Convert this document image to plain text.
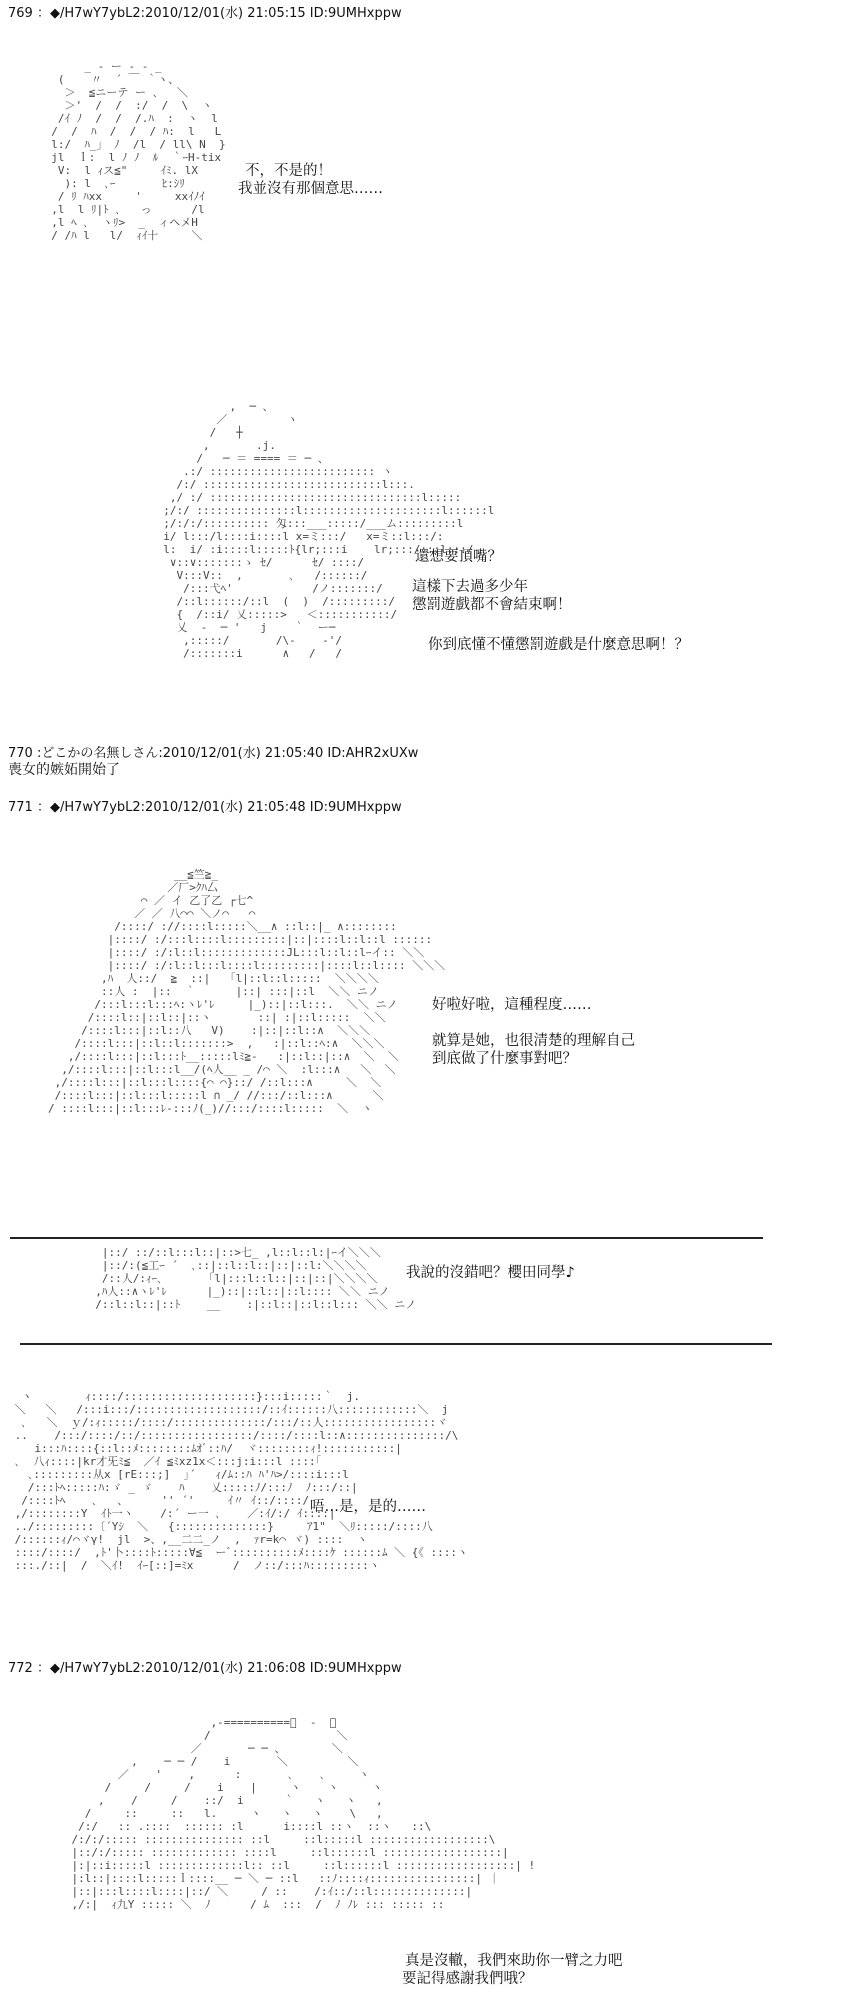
769 ：◆/H7wY7ybL2:2010/12/01(水) 21:05:15 ID:9UMHxppw
_ ‐ ー ‐ ‐ _
(    〃  ´ ￣ ｀ヽ、
＞  ≦ニーテ ー 、  ＼
＞'  /  /  :/  /  \  ヽ
/ｲ ﾉ  /  /  /.ﾊ  :  ヽ  l
/  /  ﾊ  /  /  / ﾊ:  l   L
l:/  ﾊ_」 ﾉ  /l  / ll\ N  }
jl  ｌ:  l ﾉ ﾉ  ﾙ  ｀ｰH-tix
V:  l ｨス≦"     ｲﾐ. lX
): l  ､ｰ       ﾋ:ｼﾘ
/ ﾘ ﾊxx     '     xxｲﾉｲ
,l  l ﾘ|ﾄ ､   っ      /l
,l ﾍ ､  ヽﾘ>  _  ィヘメH
/ /ﾊ l   l/  ｨｲ十     ＼
不，不是的！
我並沒有那個意思……
,  ─ 、
／         ヽ
/   ┼
,       .j.
/   ─ ＝ ==== ＝ ─ 、
.:/ ::::::::::::::::::::::::: ヽ
/:/ :::::::::::::::::::::::::::l:::.
,/ :/ ::::::::::::::::::::::::::::::::l:::::
;/:/ :::::::::::::::l:::::::::::::::::::::l::::::l
;/:/:/:::::::::: 匁:::___:::::/___ム:::::::::l
i/ l:::/l::::i::::l x=ミ:::/   x=ミ::l:::/:
l:  i/ :i::::l:::::ﾄ{lr;:::i    lr;:::/:::l:::/
∨::∨:::::::ゝ ｾ/      ｾ/ ::::/
V:::V::  ,       ､   /::::::/
/:::弋ﾍ'            /ノ:::::::/
/::l::::::/::l  (  )  /:::::::::/
{  /::i/ 乂:::::>   ＜:::::::::::/
乂  -  ─ '   j    ｀  ー─
,:::::/       /\-    -'/
/:::::::i      ∧   /   /
還想要頂嘴？
這樣下去過多少年
懲罰遊戲都不會結束啊！
你到底懂不懂懲罰遊戲是什麼意思啊！？
770 :どこかの名無しさん:2010/12/01(水) 21:05:40 ID:AHR2xUXw
喪女的嫉妬開始了
771 ：◆/H7wY7ybL2:2010/12/01(水) 21:05:48 ID:9UMHxppw
__≦竺≧_
／厂>ｸﾊ厶
⌒ ／ イ 乙了乙 ┌七^
／ ／ 八⌒⌒ ＼ノ⌒   ⌒
/::::/ ://::::l:::::＼__∧ ::l::|_ ∧::::::::
|::::/ :/:::l::::l:::::::::|::|::::l::l::l ::::::
|::::/ :/:l::l:::::::::::::JL:::l::l::lｰイ:: ＼＼
|::::/ :/:l::l:::l::::l:::::::::|::::l::l:::: ＼＼＼
,ﾊ  人::/  ≧  ::|   ｢l|::l::l:::::  ＼＼＼＼
::人 :  |::  ｀      |::| :::|::l  ＼＼ ニノ
/:::l:::l:::ﾍ:ヽﾚ'ﾚ     |_)::|::l:::.  ＼＼ ニノ
/::::l::|::l::|::ヽ       ::| :|::l:::::  ＼＼
/::::l:::|::l::八   V)    :|::|::l::∧  ＼＼＼
/::::l:::|::l::l:::::::>  ,   :|::l::ﾍ:∧  ＼＼＼
,/::::l:::|::l:::ﾄ__:::::lﾐ≧-   :|::l::|::∧  ＼  ＼
,/::::l:::|::l:::l__/(ﾍ人__ _ /⌒ ＼  :l:::∧   ＼  ＼
,/::::l:::|::l:::l::::{⌒ ⌒}::/ /::l:::∧     ＼  ＼
/::::l:::|::l:::l:::::l ∩ _/ //:::/::l:::∧      ＼
/ ::::l:::|::l:::ﾚ-:::ﾉ(_)//:::/::::l:::::  ＼  ヽ
好啦好啦，這種程度……
就算是她，也很清楚的理解自己
到底做了什麼事對吧？
|::/ ::/::l:::l::|::>七_ ,l::l::l:|ｰイ＼＼＼
|::/:(≦工ｰ ´  ､::|::l::l::|::|::l:＼＼＼＼
/::人/:ｨｰ､       ｢l|:::l::l::|::|::|＼＼＼＼
,ﾊ人::∧ヽﾚ'ﾚ      |_)::|::l::|::l:::: ＼＼ ニノ
/::l::l::|::ﾄ    __    :|::l::|::l::l::: ＼＼ ニノ
我說的沒錯吧？櫻田同學♪
ヽ        ｨ::::/::::::::::::::::::::}:::i:::::｀  j.
＼   ＼   /:::i:::/:::::::::::::::::::/::ｲ::::::八::::::::::::＼  j
､   ＼  ｙ/:ｨ:::::/::::/::::::::::::::/:::/::人:::::::::::::::::ヾ
..    /:::/::::/::/:::::::::::::::::/::::/::::l::∧:::::::::::::::/\
i:::ﾊ::::{::l::ﾒ::::::::ﾑｵﾞ::ﾊ/  ヾ::::::::ｨ!:::::::::::|
､  八ｨ::::|kr才旡ﾐ≦  ／ｲ ≦ﾐxz1x＜:::j:i:::l ::::｢
､:::::::::从x [rE:::;]  ｣´   ｨ/ﾑ::ﾊ ﾊ'ﾊ>/::::i:::l
/:::ﾄﾍ:::::ﾊ:ゞ _ ゞ    ﾊ    乂:::::ﾉ/:::ﾉ  ﾉ:::/::|
/::::ﾄﾍ    ､   、     '' ´'     ｲ〃 ｲ::/::::/
,/::::::::Y  ｲﾄ一ヽ    /:´ ー一 ､    ／:ｲ/:/ ｲ::::|
../:::::::::〔´Yｼ  ＼   {::::::::::::::}     ｱ1"  ＼ﾘ:::::/::::八
/::::::ｨ/⌒ヾγ!  jl  >、,__二二_ノ  ,  ｧr=k⌒ ヾ) ::::  ヽ
::::/::::/  ,ﾄ'卜::::ﾄ:::::∀≦  ーﾞ::::::::::ﾒ::::ｹ ::::::ﾑ ＼ {《 ::::ヽ
:::./::|  /  ＼ｲ!  ｲｰ[::]=ﾐx      /  ノ::/:::ﾊ:::::::::ヽ
唔…是，是的……
772 ：◆/H7wY7ybL2:2010/12/01(水) 21:06:08 ID:9UMHxppw
,-==========ﾞ  -  ､
/                   ＼
／       ─ ─ 、       ＼
,    ─ ─ /    i       ＼         ＼
／    '    ,      :       ､    ､     ヽ
/     /     /    i    |     ヽ    ヽ     ヽ
,    /     /    ::/  i      ｀   ヽ   ヽ   ,
/     ::     ::   l.     ヽ   ヽ   ヽ    \   ,
/:/   :: .::::  :::::: :l      i::::l ::ヽ  ::ヽ   ::\
/:/:/::::: ::::::::::::::: ::l     ::l:::::l ::::::::::::::::::\
|::/:/::::: ::::::::::::: ::::l     ::l::::::l ::::::::::::::::::|
|:|::i:::::l :::::::::::::l:: ::l     ::l::::::l ::::::::::::::::::| !
|:l::|::::l:::::ｌ::::__ ─ ＼ ─ ::l   ::ﾉ::::ｨ::::::::::::::::| ｜
|::|:::l::::l::::|::/ ＼     / ::    /:ｲ::/::l::::::::::::::|
,/:|  ｨ九Y ::::: ＼  ﾉ      / ﾑ  :::  /  ﾉ ﾉﾚ ::: ::::: ::
真是沒轍，我們來助你一臂之力吧
要記得感謝我們哦？
